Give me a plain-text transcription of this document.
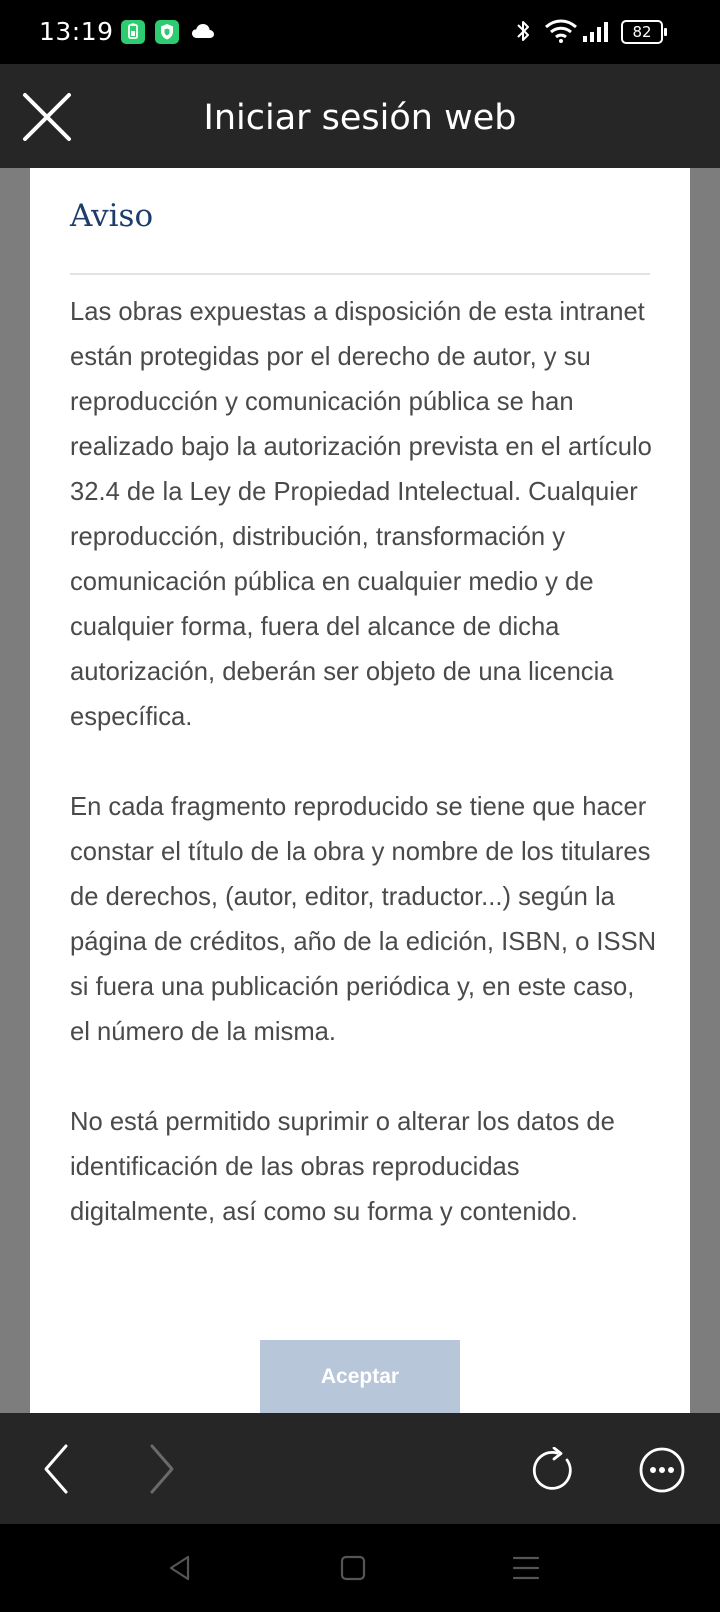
13:19	82
Iniciar sesión web
Aviso

Las obras expuestas a disposición de esta intranet están protegidas por el derecho de autor, y su reproducción y comunicación pública se han realizado bajo la autorización prevista en el artículo 32.4 de la Ley de Propiedad Intelectual. Cualquier reproducción, distribución, transformación y comunicación pública en cualquier medio y de cualquier forma, fuera del alcance de dicha autorización, deberán ser objeto de una licencia específica.

En cada fragmento reproducido se tiene que hacer constar el título de la obra y nombre de los titulares de derechos, (autor, editor, traductor...) según la página de créditos, año de la edición, ISBN, o ISSN si fuera una publicación periódica y, en este caso, el número de la misma.

No está permitido suprimir o alterar los datos de identificación de las obras reproducidas digitalmente, así como su forma y contenido.

Aceptar
